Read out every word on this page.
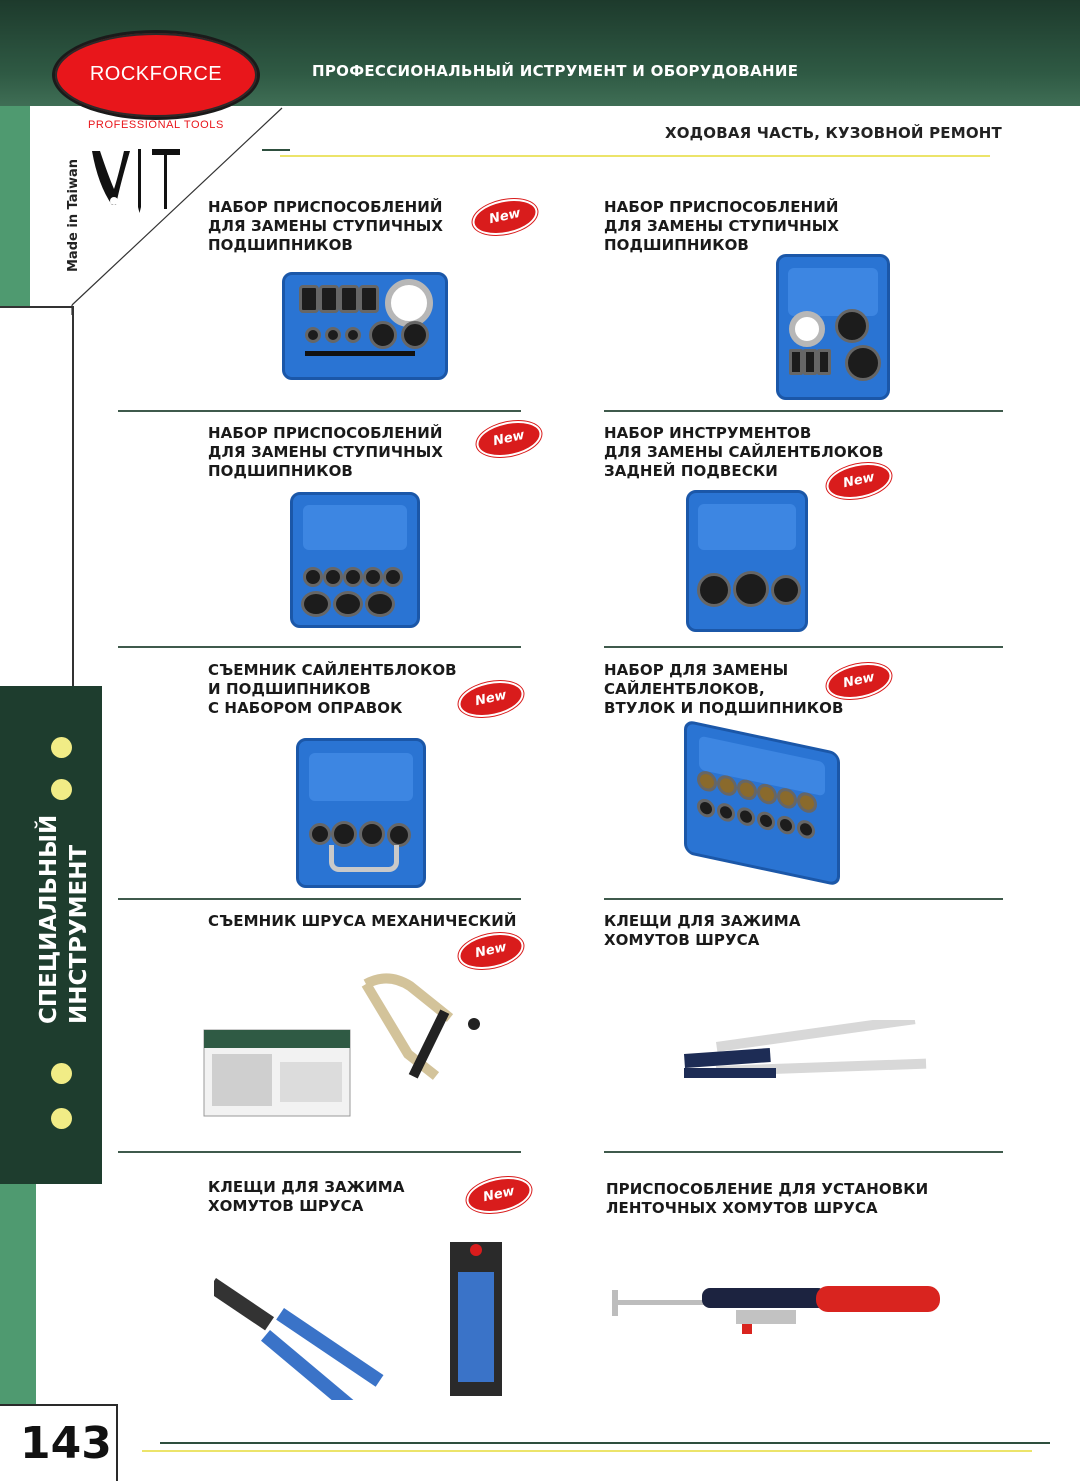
ПРОФЕССИОНАЛЬНЫЙ ИСТРУМЕНТ И ОБОРУДОВАНИЕ
ROCKFORCE
PROFESSIONAL TOOLS
Made in Taiwan
ХОДОВАЯ ЧАСТЬ, КУЗОВНОЙ РЕМОНТ
СПЕЦИАЛЬНЫЙ ИНСТРУМЕНТ
НАБОР ПРИСПОСОБЛЕНИЙ
ДЛЯ ЗАМЕНЫ СТУПИЧНЫХ
ПОДШИПНИКОВ
New	НАБОР ПРИСПОСОБЛЕНИЙ
ДЛЯ ЗАМЕНЫ СТУПИЧНЫХ
ПОДШИПНИКОВ
НАБОР ПРИСПОСОБЛЕНИЙ
ДЛЯ ЗАМЕНЫ СТУПИЧНЫХ
ПОДШИПНИКОВ
New	НАБОР ИНСТРУМЕНТОВ
ДЛЯ ЗАМЕНЫ САЙЛЕНТБЛОКОВ
ЗАДНЕЙ ПОДВЕСКИ	New
СЪЕМНИК САЙЛЕНТБЛОКОВ
И ПОДШИПНИКОВ
С НАБОРОМ ОПРАВОК	New
НАБОР ДЛЯ ЗАМЕНЫ
САЙЛЕНТБЛОКОВ,
ВТУЛОК И ПОДШИПНИКОВ
New
СЪЕМНИК ШРУСА МЕХАНИЧЕСКИЙ
New
КЛЕЩИ ДЛЯ ЗАЖИМА
ХОМУТОВ ШРУСА
КЛЕЩИ ДЛЯ ЗАЖИМА
ХОМУТОВ ШРУСА
New	ПРИСПОСОБЛЕНИЕ ДЛЯ УСТАНОВКИ
ЛЕНТОЧНЫХ ХОМУТОВ ШРУСА
143
